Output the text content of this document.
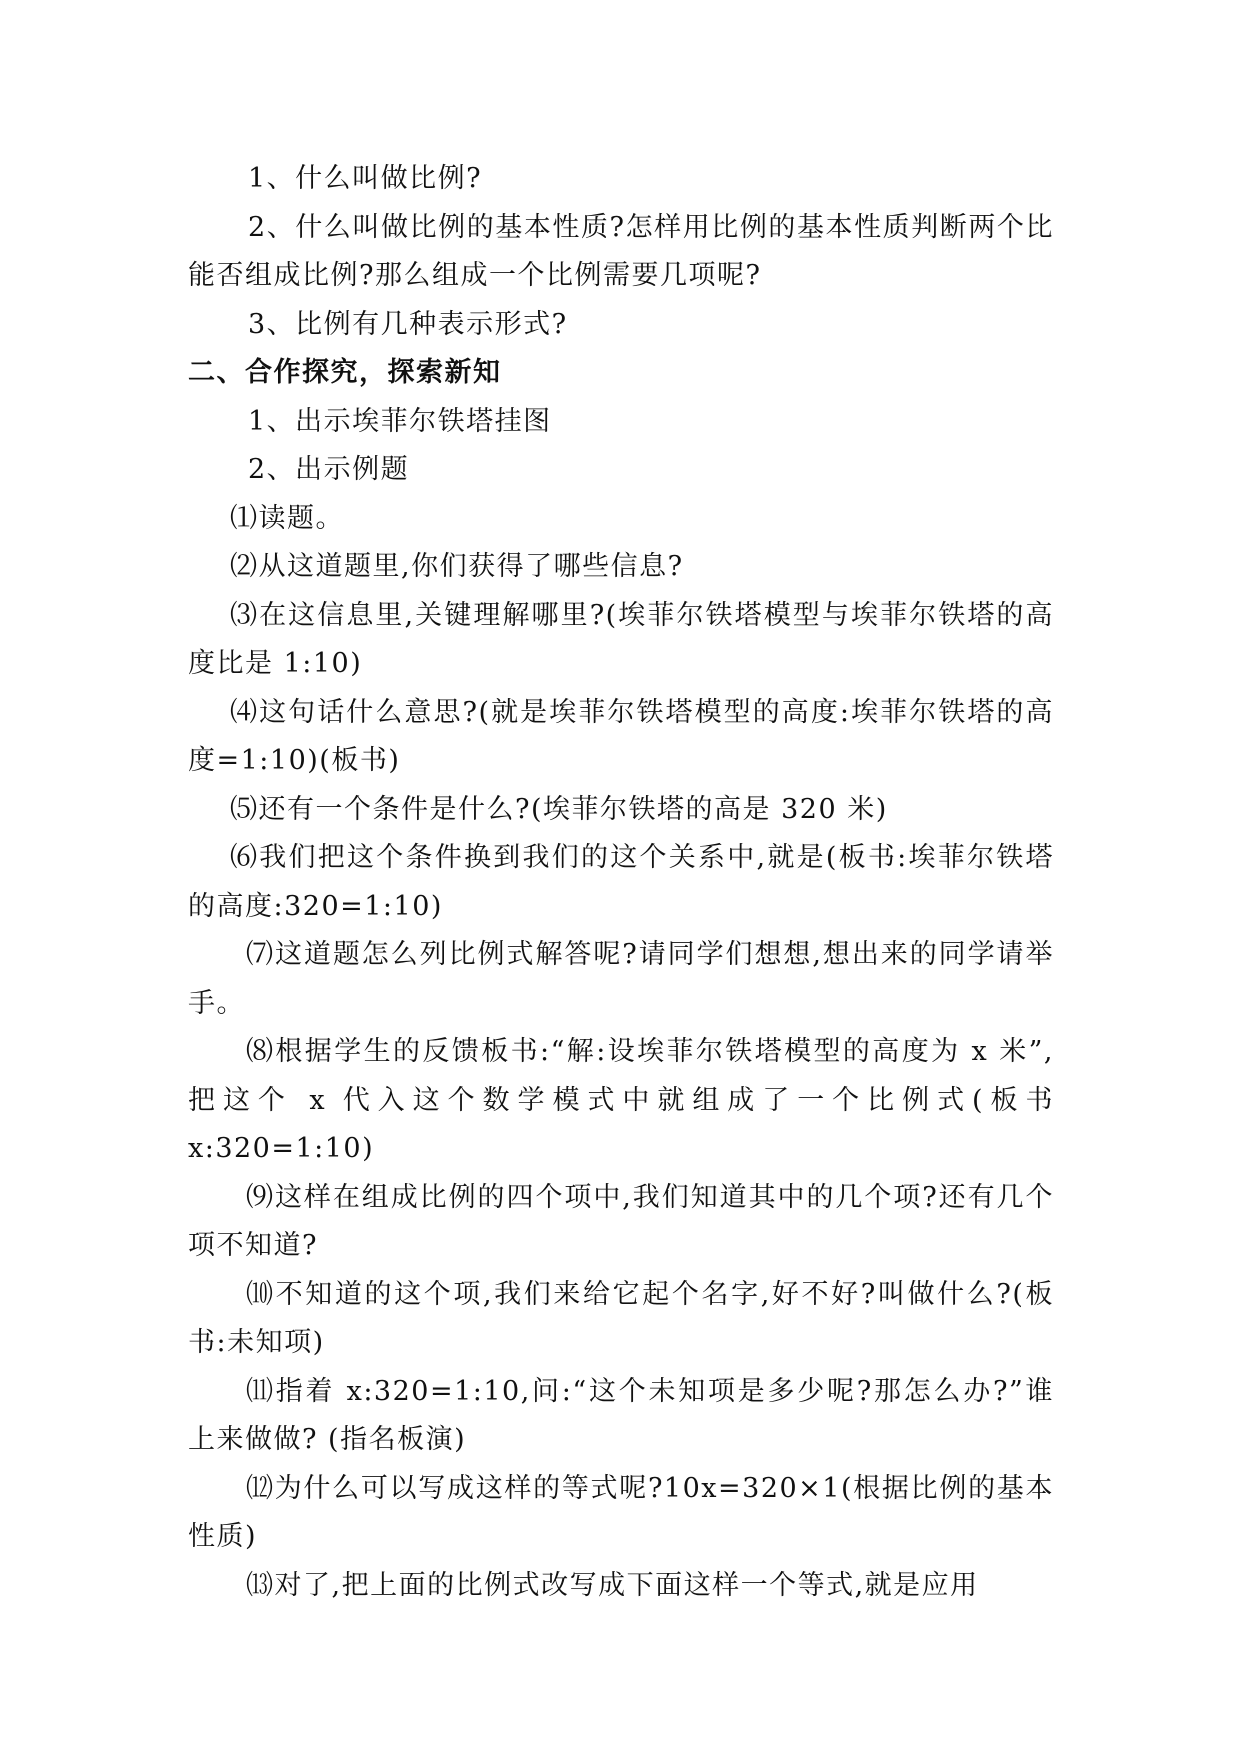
1、什么叫做比例?

2、什么叫做比例的基本性质?怎样用比例的基本性质判断两个比能否组成比例?那么组成一个比例需要几项呢?

3、比例有几种表示形式?

二、合作探究，探索新知

1、出示埃菲尔铁塔挂图

2、出示例题

⑴读题。

⑵从这道题里,你们获得了哪些信息?

⑶在这信息里,关键理解哪里?(埃菲尔铁塔模型与埃菲尔铁塔的高度比是 1:10)

⑷这句话什么意思?(就是埃菲尔铁塔模型的高度:埃菲尔铁塔的高度=1:10)(板书)

⑸还有一个条件是什么?(埃菲尔铁塔的高是 320 米)

⑹我们把这个条件换到我们的这个关系中,就是(板书:埃菲尔铁塔的高度:320=1:10)

⑺这道题怎么列比例式解答呢?请同学们想想,想出来的同学请举手。

⑻根据学生的反馈板书:“解:设埃菲尔铁塔模型的高度为 x 米”,把这个 x 代入这个数学模式中就组成了一个比例式(板书 x:320=1:10)

⑼这样在组成比例的四个项中,我们知道其中的几个项?还有几个项不知道?

⑽不知道的这个项,我们来给它起个名字,好不好?叫做什么?(板书:未知项)

⑾指着 x:320=1:10,问:“这个未知项是多少呢?那怎么办?”谁上来做做? (指名板演)

⑿为什么可以写成这样的等式呢?10x=320×1(根据比例的基本性质)

⒀对了,把上面的比例式改写成下面这样一个等式,就是应用
